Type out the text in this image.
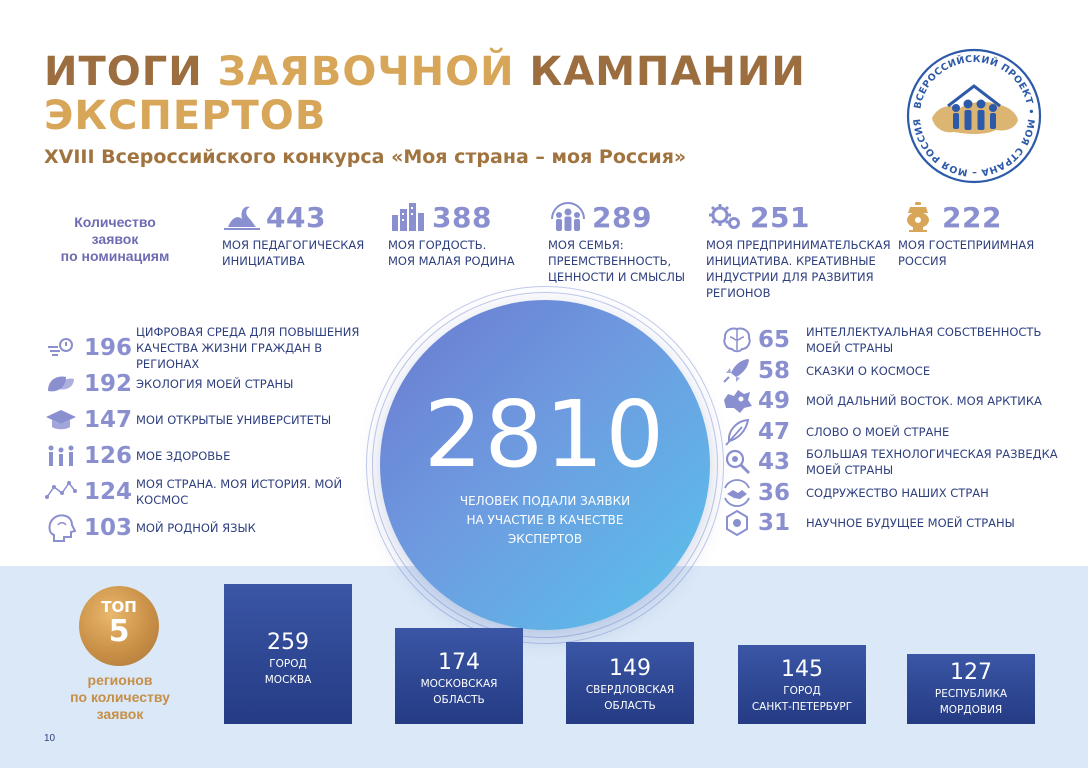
ИТОГИ ЗАЯВОЧНОЙ КАМПАНИИ
ЭКСПЕРТОВ
XVIII Всероссийского конкурса «Моя страна – моя Россия»
ВСЕРОССИЙСКИЙ ПРОЕКТ • МОЯ СТРАНА – МОЯ РОССИЯ
Количество
заявок
по номинациям
443
МОЯ ПЕДАГОГИЧЕСКАЯ
ИНИЦИАТИВА
388
МОЯ ГОРДОСТЬ.
МОЯ МАЛАЯ РОДИНА
289
МОЯ СЕМЬЯ:
ПРЕЕМСТВЕННОСТЬ,
ЦЕННОСТИ И СМЫСЛЫ
251
МОЯ ПРЕДПРИНИМАТЕЛЬСКАЯ
ИНИЦИАТИВА. КРЕАТИВНЫЕ
ИНДУСТРИИ ДЛЯ РАЗВИТИЯ
РЕГИОНОВ
222
МОЯ ГОСТЕПРИИМНАЯ
РОССИЯ
196
ЦИФРОВАЯ СРЕДА ДЛЯ ПОВЫШЕНИЯ
КАЧЕСТВА ЖИЗНИ ГРАЖДАН В РЕГИОНАХ
192 ЭКОЛОГИЯ МОЕЙ СТРАНЫ
147 МОИ ОТКРЫТЫЕ УНИВЕРСИТЕТЫ
126 МОЕ ЗДОРОВЬЕ
124 МОЯ СТРАНА. МОЯ ИСТОРИЯ. МОЙ КОСМОС
103 МОЙ РОДНОЙ ЯЗЫК
65	ИНТЕЛЛЕКТУАЛЬНАЯ СОБСТВЕННОСТЬ
МОЕЙ СТРАНЫ
58	СКАЗКИ О КОСМОСЕ
49	МОЙ ДАЛЬНИЙ ВОСТОК. МОЯ АРКТИКА
47	СЛОВО О МОЕЙ СТРАНЕ
43	БОЛЬШАЯ ТЕХНОЛОГИЧЕСКАЯ РАЗВЕДКА
МОЕЙ СТРАНЫ
36	СОДРУЖЕСТВО НАШИХ СТРАН
31	НАУЧНОЕ БУДУЩЕЕ МОЕЙ СТРАНЫ
2810
ЧЕЛОВЕК ПОДАЛИ ЗАЯВКИ
НА УЧАСТИЕ В КАЧЕСТВЕ
ЭКСПЕРТОВ
ТОП
5
регионов
по количеству
заявок
259
ГОРОД
МОСКВА
174
МОСКОВСКАЯ
ОБЛАСТЬ
149
СВЕРДЛОВСКАЯ
ОБЛАСТЬ
145
ГОРОД
САНКТ-ПЕТЕРБУРГ
127
РЕСПУБЛИКА
МОРДОВИЯ
10
